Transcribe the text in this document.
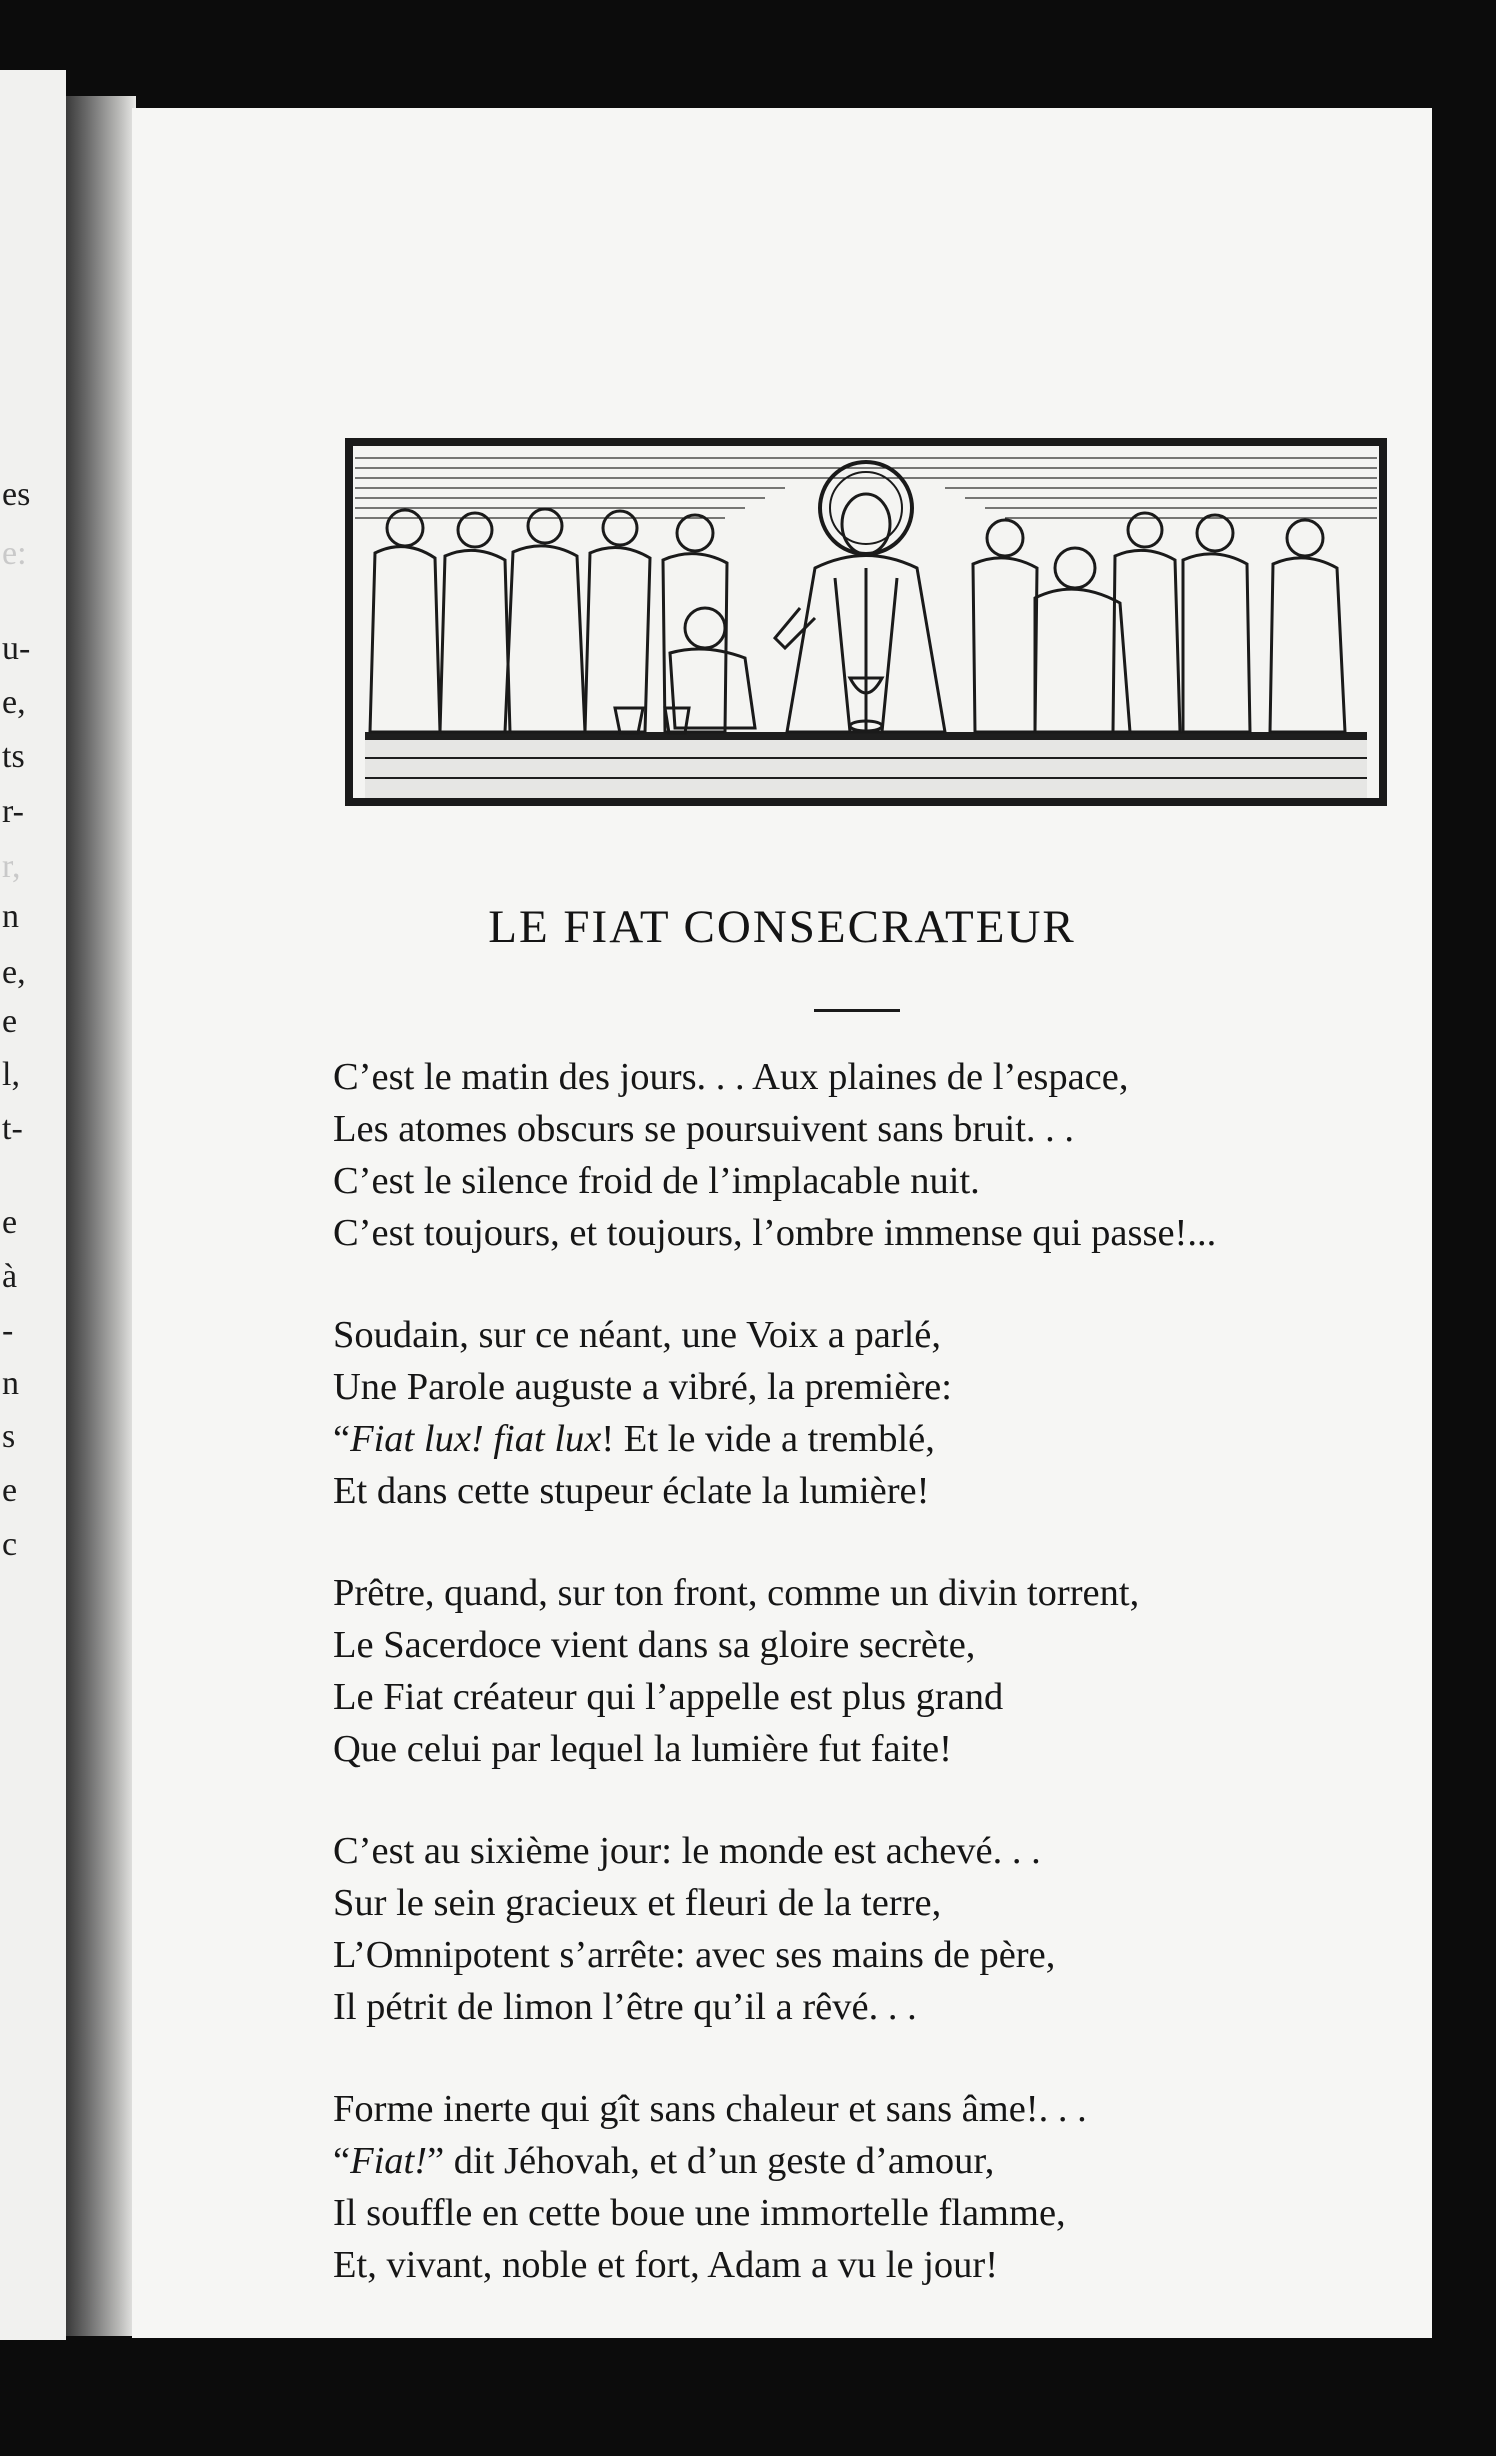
es
e:
u-
e,
ts
r-
r,
n
e,
e
l,
t-
e
à
-
n
s
e
c
LE FIAT CONSECRATEUR
C’est le matin des jours. . . Aux plaines de l’espace,
Les atomes obscurs se poursuivent sans bruit. . .
C’est le silence froid de l’implacable nuit.
C’est toujours, et toujours, l’ombre immense qui passe!...
Soudain, sur ce néant, une Voix a parlé,
Une Parole auguste a vibré, la première:
“Fiat lux! fiat lux! Et le vide a tremblé,
Et dans cette stupeur éclate la lumière!
Prêtre, quand, sur ton front, comme un divin torrent,
Le Sacerdoce vient dans sa gloire secrète,
Le Fiat créateur qui l’appelle est plus grand
Que celui par lequel la lumière fut faite!
C’est au sixième jour: le monde est achevé. . .
Sur le sein gracieux et fleuri de la terre,
L’Omnipotent s’arrête: avec ses mains de père,
Il pétrit de limon l’être qu’il a rêvé. . .
Forme inerte qui gît sans chaleur et sans âme!. . .
“Fiat!” dit Jéhovah, et d’un geste d’amour,
Il souffle en cette boue une immortelle flamme,
Et, vivant, noble et fort, Adam a vu le jour!
